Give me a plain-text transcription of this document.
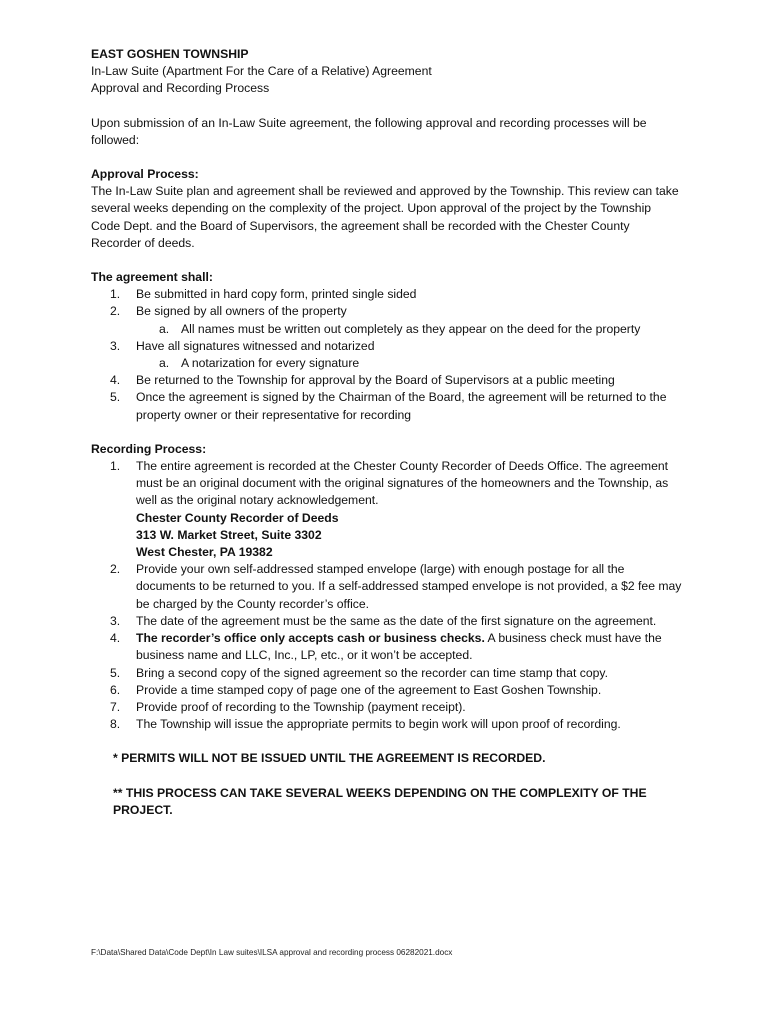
EAST GOSHEN TOWNSHIP
In-Law Suite (Apartment For the Care of a Relative) Agreement
Approval and Recording Process
Upon submission of an In-Law Suite agreement, the following approval and recording processes will be followed:
Approval Process:
The In-Law Suite plan and agreement shall be reviewed and approved by the Township. This review can take several weeks depending on the complexity of the project. Upon approval of the project by the Township Code Dept. and the Board of Supervisors, the agreement shall be recorded with the Chester County Recorder of deeds.
The agreement shall:
1. Be submitted in hard copy form, printed single sided
2. Be signed by all owners of the property
a. All names must be written out completely as they appear on the deed for the property
3. Have all signatures witnessed and notarized
a. A notarization for every signature
4. Be returned to the Township for approval by the Board of Supervisors at a public meeting
5. Once the agreement is signed by the Chairman of the Board, the agreement will be returned to the property owner or their representative for recording
Recording Process:
1. The entire agreement is recorded at the Chester County Recorder of Deeds Office. The agreement must be an original document with the original signatures of the homeowners and the Township, as well as the original notary acknowledgement.
Chester County Recorder of Deeds
313 W. Market Street, Suite 3302
West Chester, PA 19382
2. Provide your own self-addressed stamped envelope (large) with enough postage for all the documents to be returned to you. If a self-addressed stamped envelope is not provided, a $2 fee may be charged by the County recorder’s office.
3. The date of the agreement must be the same as the date of the first signature on the agreement.
4. The recorder’s office only accepts cash or business checks. A business check must have the business name and LLC, Inc., LP, etc., or it won’t be accepted.
5. Bring a second copy of the signed agreement so the recorder can time stamp that copy.
6. Provide a time stamped copy of page one of the agreement to East Goshen Township.
7. Provide proof of recording to the Township (payment receipt).
8. The Township will issue the appropriate permits to begin work will upon proof of recording.
* PERMITS WILL NOT BE ISSUED UNTIL THE AGREEMENT IS RECORDED.
** THIS PROCESS CAN TAKE SEVERAL WEEKS DEPENDING ON THE COMPLEXITY OF THE PROJECT.
F:\Data\Shared Data\Code Dept\In Law suites\ILSA approval and recording process 06282021.docx
